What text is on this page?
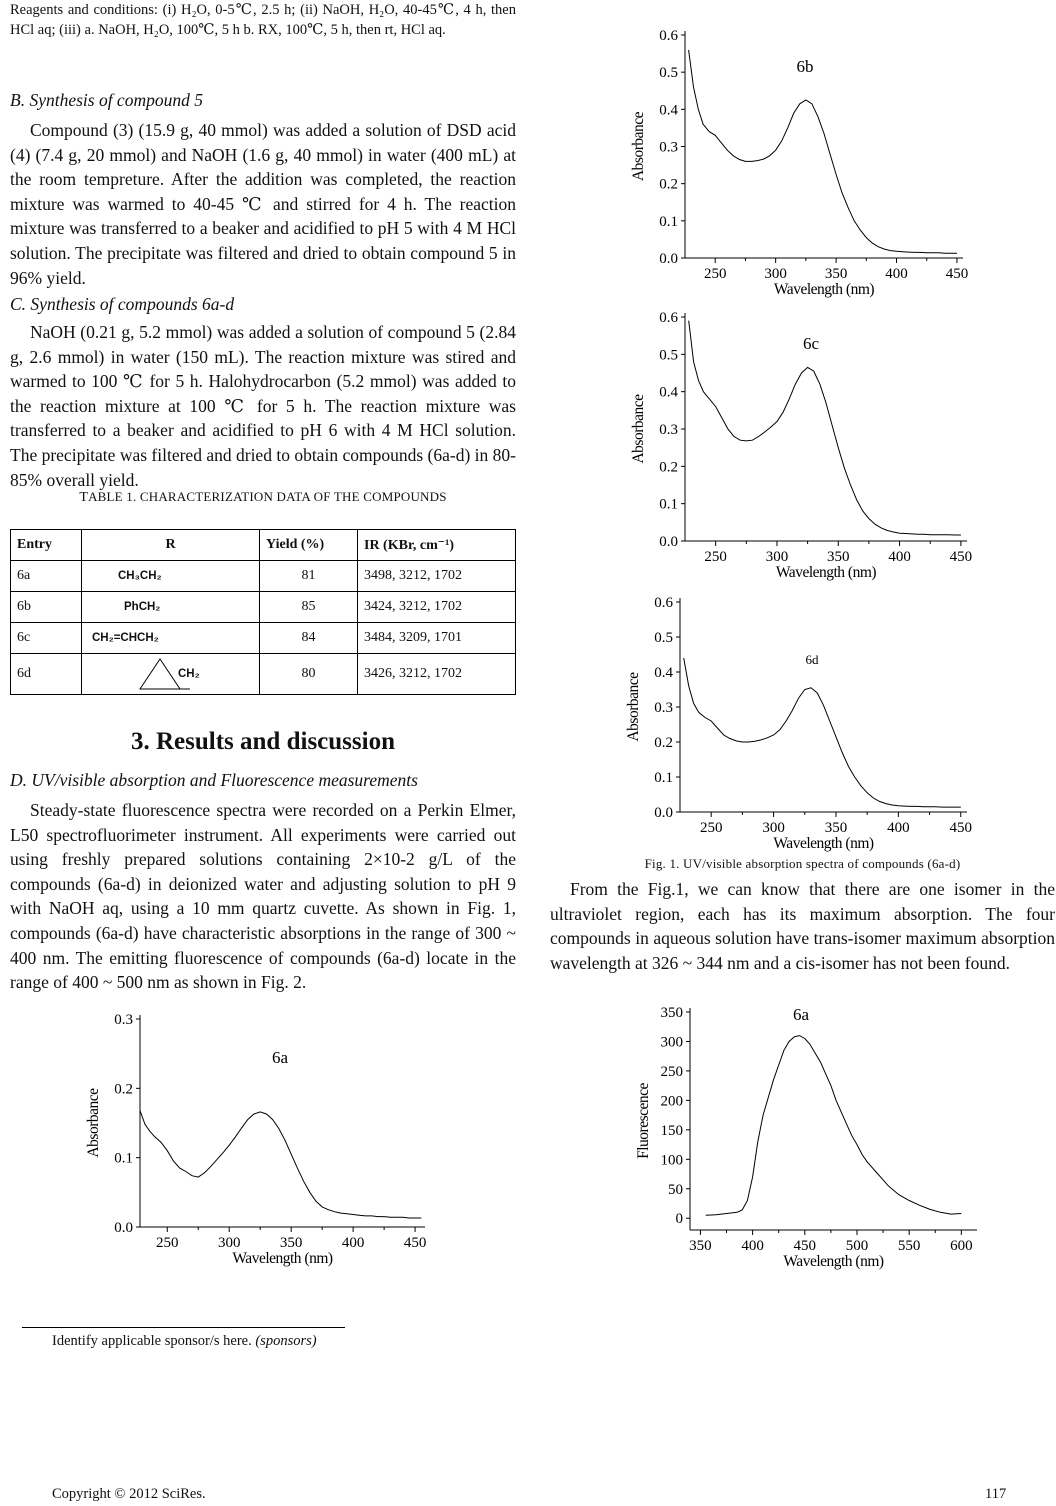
Reagents and conditions: (i) H₂O, 0-5℃, 2.5 h; (ii) NaOH, H₂O, 40-45℃, 4 h, then HCl aq; (iii) a. NaOH, H₂O, 100℃, 5 h b. RX, 100℃, 5 h, then rt, HCl aq.
B. Synthesis of compound 5

Compound (3) (15.9 g, 40 mmol) was added a solution of DSD acid (4) (7.4 g, 20 mmol) and NaOH (1.6 g, 40 mmol) in water (400 mL) at the room tempreture. After the addition was completed, the reaction mixture was warmed to 40-45 ℃ and stirred for 4 h. The reaction mixture was transferred to a beaker and acidified to pH 5 with 4 M HCl solution. The precipitate was filtered and dried to obtain compound 5 in 96% yield.

C. Synthesis of compounds 6a-d

NaOH (0.21 g, 5.2 mmol) was added a solution of compound 5 (2.84 g, 2.6 mmol) in water (150 mL). The reaction mixture was stired and warmed to 100 ℃ for 5 h. Halohydrocarbon (5.2 mmol) was added to the reaction mixture at 100 ℃ for 5 h. The reaction mixture was transferred to a beaker and acidified to pH 6 with 4 M HCl solution. The precipitate was filtered and dried to obtain compounds (6a-d) in 80-85% overall yield.

TABLE 1. CHARACTERIZATION DATA OF THE COMPOUNDS
Entry	R	Yield (%)	IR (KBr, cm⁻¹)
6a	CH₃CH₂	81	3498, 3212, 1702
6b	PhCH₂	85	3424, 3212, 1702
6c	CH₂=CHCH₂	84	3484, 3209, 1701
6d	CH₂	80	3426, 3212, 1702
3. Results and discussion
D. UV/visible absorption and Fluorescence measurements

Steady-state fluorescence spectra were recorded on a Perkin Elmer, L50 spectrofluorimeter instrument. All experiments were carried out using freshly prepared solutions containing 2×10-2 g/L of the compounds (6a-d) in deionized water and adjusting solution to pH 9 with NaOH aq, using a 10 mm quartz cuvette. As shown in Fig. 1, compounds (6a-d) have characteristic absorptions in the range of 300 ~ 400 nm. The emitting fluorescence of compounds (6a-d) locate in the range of 400 ~ 500 nm as shown in Fig. 2.

0.0
0.1
0.2
0.3
250	300	350	400	450
Wavelength (nm)
Absorbance
6a
Identify applicable sponsor/s here. (sponsors)
Copyright © 2012 SciRes.	117
0.0
0.1
0.2
0.3
0.4
0.5
0.6
250	300	350	400	450
Wavelength (nm)
Absorbance
6b
0.0
0.1
0.2
0.3
0.4
0.5
0.6
250	300	350	400	450
Wavelength (nm)
Absorbance
6c
0.0
0.1
0.2
0.3
0.4
0.5
0.6
250	300	350	400	450
Wavelength (nm)
Absorbance
6d
Fig. 1. UV/visible absorption spectra of compounds (6a-d)

From the Fig.1, we can know that there are one isomer in the ultraviolet region, each has its maximum absorption. The four compounds in aqueous solution have trans-isomer maximum absorption wavelength at 326 ~ 344 nm and a cis-isomer has not been found.

0
50
100
150
200
250
300
350
350 400 450 500 550 600
Wavelength (nm)
Fluorescence
6a
